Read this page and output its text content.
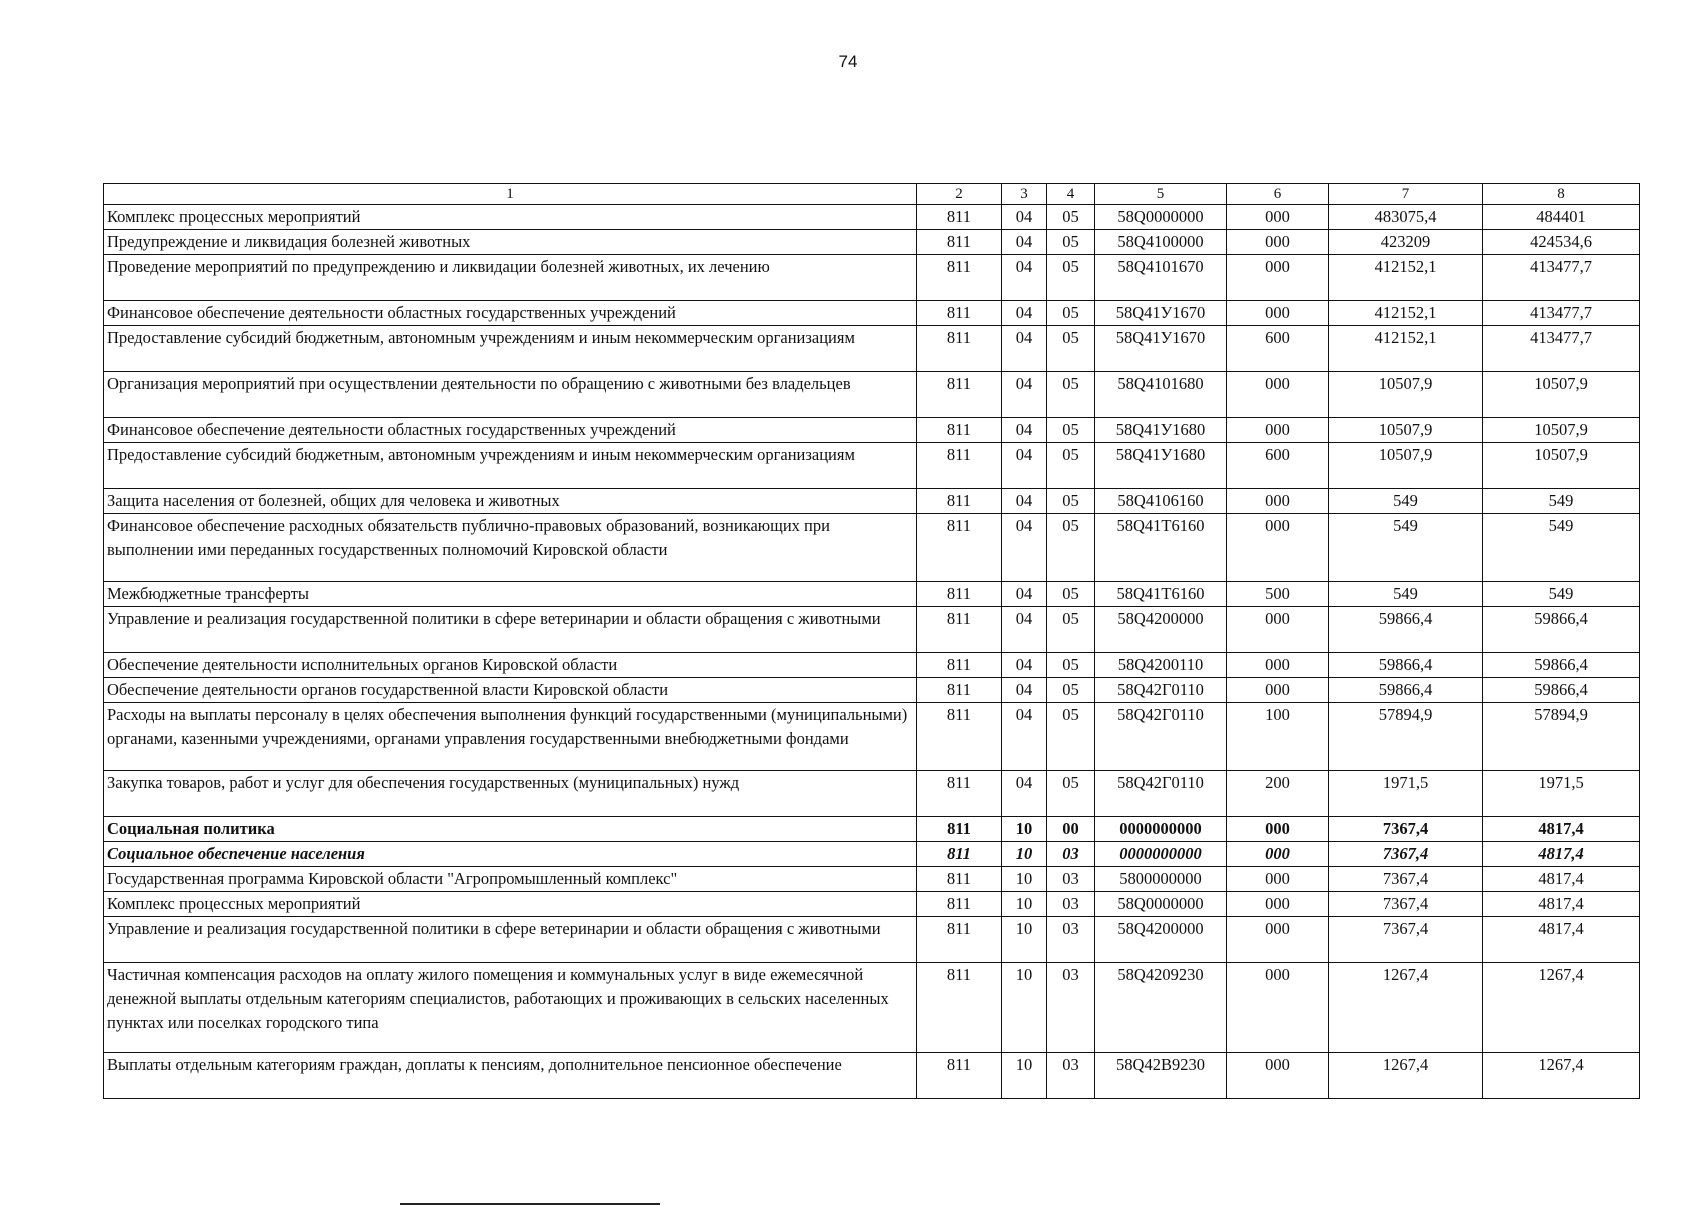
74
1	2	3	4	5	6	7	8
Комплекс процессных мероприятий	811	04	05	58Q0000000	000	483075,4	484401
Предупреждение и ликвидация болезней животных	811	04	05	58Q4100000	000	423209	424534,6
Проведение мероприятий по предупреждению и ликвидации болезней животных, их лечению	811	04	05	58Q4101670	000	412152,1	413477,7
Финансовое обеспечение деятельности областных государственных учреждений	811	04	05	58Q41У1670	000	412152,1	413477,7
Предоставление субсидий бюджетным, автономным учреждениям и иным некоммерческим организациям	811	04	05	58Q41У1670	600	412152,1	413477,7
Организация мероприятий при осуществлении деятельности по обращению с животными без владельцев	811	04	05	58Q4101680	000	10507,9	10507,9
Финансовое обеспечение деятельности областных государственных учреждений	811	04	05	58Q41У1680	000	10507,9	10507,9
Предоставление субсидий бюджетным, автономным учреждениям и иным некоммерческим организациям	811	04	05	58Q41У1680	600	10507,9	10507,9
Защита населения от болезней, общих для человека и животных	811	04	05	58Q4106160	000	549	549
Финансовое обеспечение расходных обязательств публично-правовых образований, возникающих при выполнении ими переданных государственных полномочий Кировской области	811	04	05	58Q41Т6160	000	549	549
Межбюджетные трансферты	811	04	05	58Q41Т6160	500	549	549
Управление и реализация государственной политики в сфере ветеринарии и области обращения с животными	811	04	05	58Q4200000	000	59866,4	59866,4
Обеспечение деятельности исполнительных органов Кировской области	811	04	05	58Q4200110	000	59866,4	59866,4
Обеспечение деятельности органов государственной власти Кировской области	811	04	05	58Q42Г0110	000	59866,4	59866,4
Расходы на выплаты персоналу в целях обеспечения выполнения функций государственными (муниципальными) органами, казенными учреждениями, органами управления государственными внебюджетными фондами	811	04	05	58Q42Г0110	100	57894,9	57894,9
Закупка товаров, работ и услуг для обеспечения государственных (муниципальных) нужд	811	04	05	58Q42Г0110	200	1971,5	1971,5
Социальная политика	811	10	00	0000000000	000	7367,4	4817,4
Социальное обеспечение населения	811	10	03	0000000000	000	7367,4	4817,4
Государственная программа Кировской области "Агропромышленный комплекс"	811	10	03	5800000000	000	7367,4	4817,4
Комплекс процессных мероприятий	811	10	03	58Q0000000	000	7367,4	4817,4
Управление и реализация государственной политики в сфере ветеринарии и области обращения с животными	811	10	03	58Q4200000	000	7367,4	4817,4
Частичная компенсация расходов на оплату жилого помещения и коммунальных услуг в виде ежемесячной денежной выплаты отдельным категориям специалистов, работающих и проживающих в сельских населенных пунктах или поселках городского типа	811	10	03	58Q4209230	000	1267,4	1267,4
Выплаты отдельным категориям граждан, доплаты к пенсиям, дополнительное пенсионное обеспечение	811	10	03	58Q42В9230	000	1267,4	1267,4
